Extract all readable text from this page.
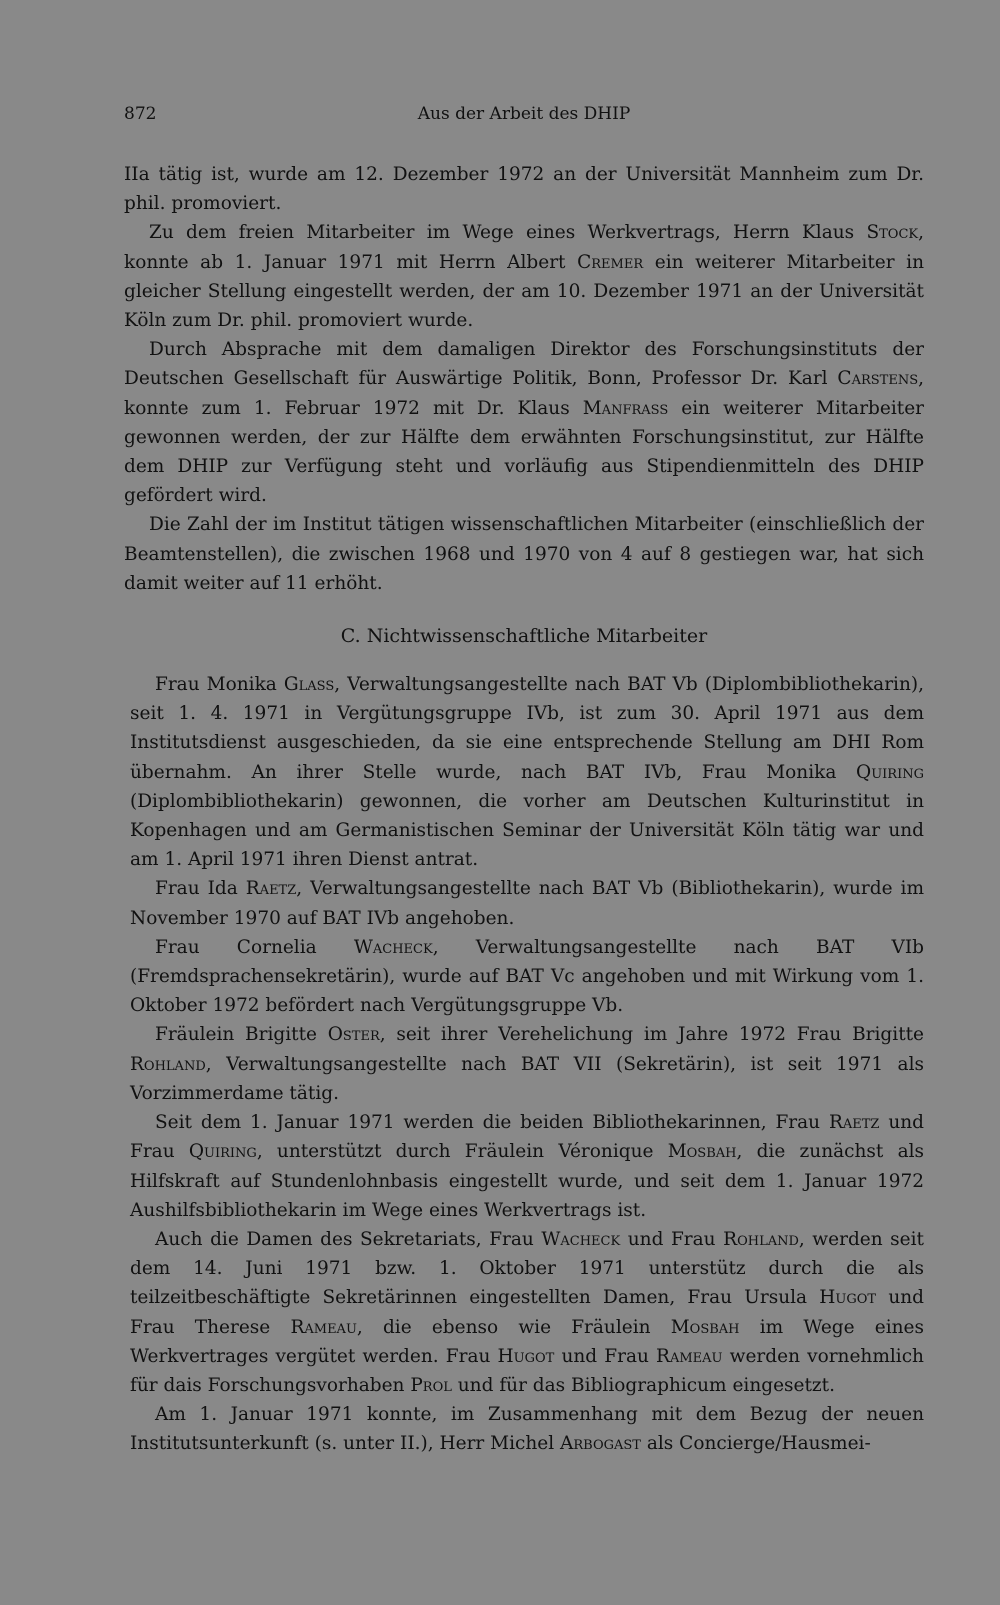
872	Aus der Arbeit des DHIP

IIa tätig ist, wurde am 12. Dezember 1972 an der Universität Mannheim zum Dr. phil. promoviert.

Zu dem freien Mitarbeiter im Wege eines Werkvertrags, Herrn Klaus Stock, konnte ab 1. Januar 1971 mit Herrn Albert Cremer ein weiterer Mitarbeiter in gleicher Stellung eingestellt werden, der am 10. Dezember 1971 an der Universität Köln zum Dr. phil. promoviert wurde.

Durch Absprache mit dem damaligen Direktor des Forschungsinstituts der Deutschen Gesellschaft für Auswärtige Politik, Bonn, Professor Dr. Karl Carstens, konnte zum 1. Februar 1972 mit Dr. Klaus Manfrass ein weiterer Mitarbeiter gewonnen werden, der zur Hälfte dem erwähnten Forschungsinstitut, zur Hälfte dem DHIP zur Verfügung steht und vorläufig aus Stipendienmitteln des DHIP gefördert wird.

Die Zahl der im Institut tätigen wissenschaftlichen Mitarbeiter (einschließlich der Beamtenstellen), die zwischen 1968 und 1970 von 4 auf 8 gestiegen war, hat sich damit weiter auf 11 erhöht.

C. Nichtwissenschaftliche Mitarbeiter

Frau Monika Glass, Verwaltungsangestellte nach BAT Vb (Diplombibliothekarin), seit 1. 4. 1971 in Vergütungsgruppe IVb, ist zum 30. April 1971 aus dem Institutsdienst ausgeschieden, da sie eine entsprechende Stellung am DHI Rom übernahm. An ihrer Stelle wurde, nach BAT IVb, Frau Monika Quiring (Diplombibliothekarin) gewonnen, die vorher am Deutschen Kulturinstitut in Kopenhagen und am Germanistischen Seminar der Universität Köln tätig war und am 1. April 1971 ihren Dienst antrat.

Frau Ida Raetz, Verwaltungsangestellte nach BAT Vb (Bibliothekarin), wurde im November 1970 auf BAT IVb angehoben.

Frau Cornelia Wacheck, Verwaltungsangestellte nach BAT VIb (Fremdsprachensekretärin), wurde auf BAT Vc angehoben und mit Wirkung vom 1. Oktober 1972 befördert nach Vergütungsgruppe Vb.

Fräulein Brigitte Oster, seit ihrer Verehelichung im Jahre 1972 Frau Brigitte Rohland, Verwaltungsangestellte nach BAT VII (Sekretärin), ist seit 1971 als Vorzimmerdame tätig.

Seit dem 1. Januar 1971 werden die beiden Bibliothekarinnen, Frau Raetz und Frau Quiring, unterstützt durch Fräulein Véronique Mosbah, die zunächst als Hilfskraft auf Stundenlohnbasis eingestellt wurde, und seit dem 1. Januar 1972 Aushilfsbibliothekarin im Wege eines Werkvertrags ist.

Auch die Damen des Sekretariats, Frau Wacheck und Frau Rohland, werden seit dem 14. Juni 1971 bzw. 1. Oktober 1971 unterstütz durch die als teilzeitbeschäftigte Sekretärinnen eingestellten Damen, Frau Ursula Hugot und Frau Therese Rameau, die ebenso wie Fräulein Mosbah im Wege eines Werkvertrages vergütet werden. Frau Hugot und Frau Rameau werden vornehmlich für dais Forschungsvorhaben Prol und für das Bibliographicum eingesetzt.

Am 1. Januar 1971 konnte, im Zusammenhang mit dem Bezug der neuen Institutsunterkunft (s. unter II.), Herr Michel Arbogast als Concierge/Hausmei-
